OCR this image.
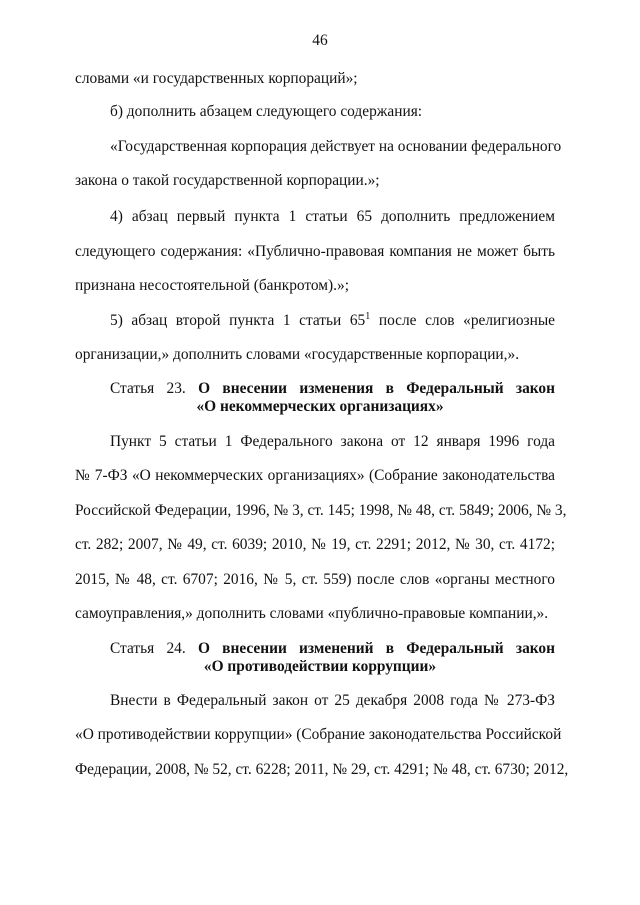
46
словами «и государственных корпораций»;
б) дополнить абзацем следующего содержания:
«Государственная корпорация действует на основании федерального
закона о такой государственной корпорации.»;
4) абзац первый пункта 1 статьи 65 дополнить предложением
следующего содержания: «Публично-правовая компания не может быть
признана несостоятельной (банкротом).»;
5) абзац второй пункта 1 статьи $65^1$ после слов «религиозные
организации,» дополнить словами «государственные корпорации,».
Статья 23. О внесении изменения в Федеральный закон
«О некоммерческих организациях»
Пункт 5 статьи 1 Федерального закона от 12 января 1996 года
№ 7-ФЗ «О некоммерческих организациях» (Собрание законодательства
Российской Федерации, 1996, № 3, ст. 145; 1998, № 48, ст. 5849; 2006, № 3,
ст. 282; 2007, № 49, ст. 6039; 2010, № 19, ст. 2291; 2012, № 30, ст. 4172;
2015, № 48, ст. 6707; 2016, № 5, ст. 559) после слов «органы местного
самоуправления,» дополнить словами «публично-правовые компании,».
Статья 24. О внесении изменений в Федеральный закон
«О противодействии коррупции»
Внести в Федеральный закон от 25 декабря 2008 года № 273-ФЗ
«О противодействии коррупции» (Собрание законодательства Российской
Федерации, 2008, № 52, ст. 6228; 2011, № 29, ст. 4291; № 48, ст. 6730; 2012,
